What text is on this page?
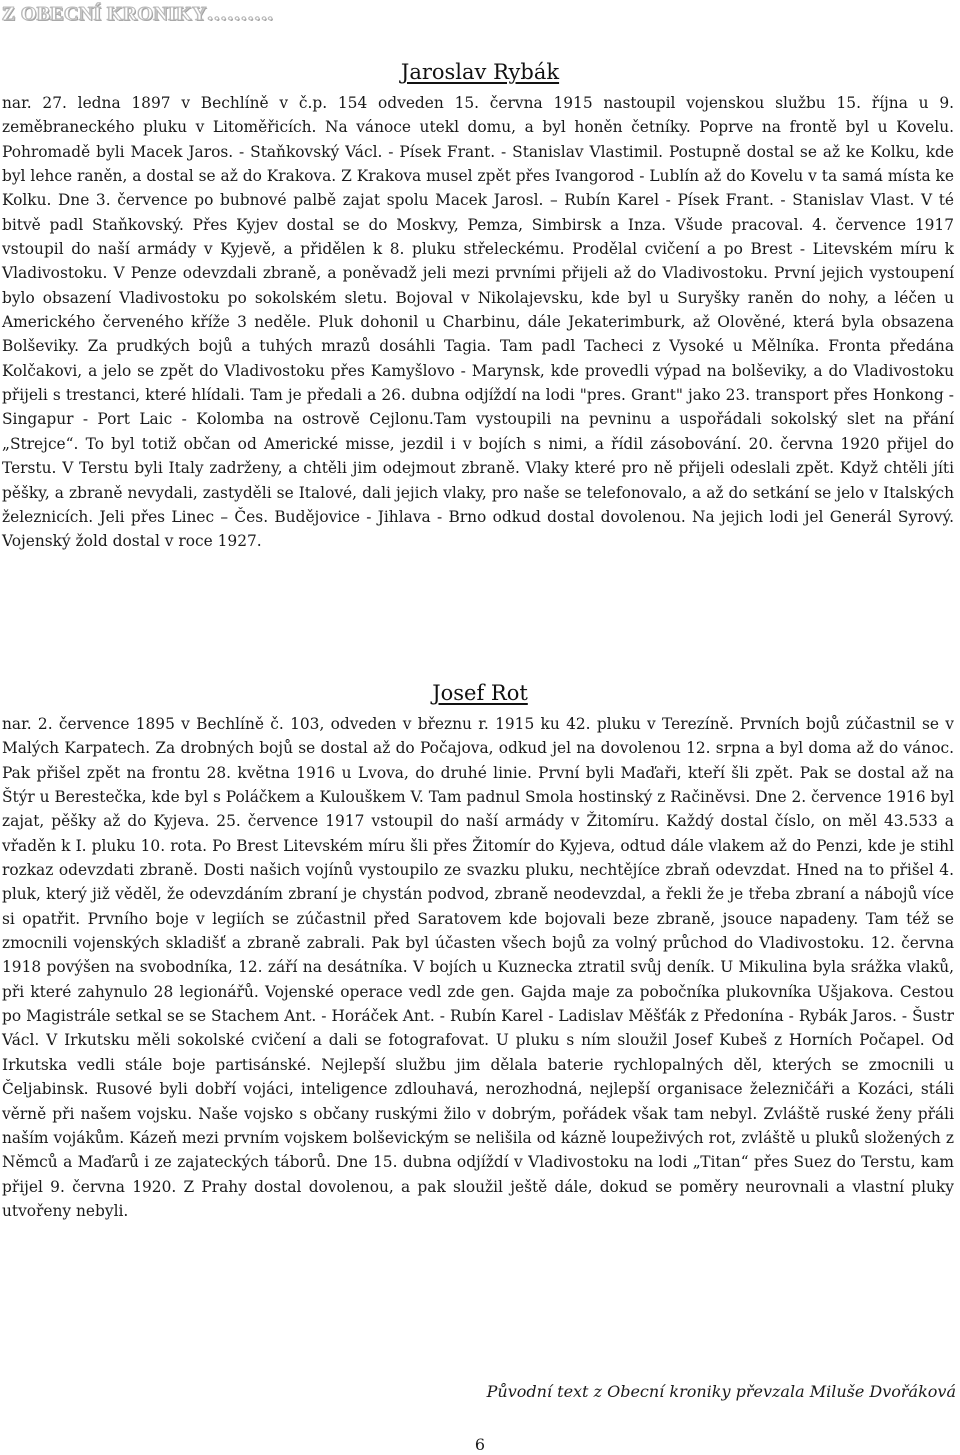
Z OBECNÍ KRONIKY……….
Jaroslav Rybák

nar. 27. ledna 1897 v Bechlíně v č.p. 154 odveden 15. června 1915 nastoupil vojenskou službu 15. října u 9. zeměbraneckého pluku v Litoměřicích. Na vánoce utekl domu, a byl honěn četníky. Poprve na frontě byl u Kovelu. Pohromadě byli Macek Jaros. - Staňkovský Václ. - Písek Frant. - Stanislav Vlastimil. Postupně dostal se až ke Kolku, kde byl lehce raněn, a dostal se až do Krakova. Z Krakova musel zpět přes Ivangorod - Lublín až do Kovelu v ta samá místa ke Kolku. Dne 3. července po bubnové palbě zajat spolu Macek Jarosl. – Rubín Karel - Písek Frant. - Stanislav Vlast. V té bitvě padl Staňkovský. Přes Kyjev dostal se do Moskvy, Pemza, Simbirsk a Inza. Všude pracoval. 4. července 1917 vstoupil do naší armády v Kyjevě, a přidělen k 8. pluku střeleckému. Prodělal cvičení a po Brest - Litevském míru k Vladivostoku. V Penze odevzdali zbraně, a poněvadž jeli mezi prvními přijeli až do Vladivostoku. První jejich vystoupení bylo obsazení Vladivostoku po sokolském sletu. Bojoval v Nikolajevsku, kde byl u Suryšky raněn do nohy, a léčen u Amerického červeného kříže 3 neděle. Pluk dohonil u Charbinu, dále Jekaterimburk, až Olověné, která byla obsazena Bolševiky. Za prudkých bojů a tuhých mrazů dosáhli Tagia. Tam padl Tacheci z Vysoké u Mělníka. Fronta předána Kolčakovi, a jelo se zpět do Vladivostoku přes Kamyšlovo - Marynsk, kde provedli výpad na bolševiky, a do Vladivostoku přijeli s trestanci, které hlídali. Tam je předali a 26. dubna odjíždí na lodi "pres. Grant" jako 23. transport přes Honkong - Singapur - Port Laic - Kolomba na ostrově Cejlonu.Tam vystoupili na pevninu a uspořádali sokolský slet na přání „Strejce“. To byl totiž občan od Americké misse, jezdil i v bojích s nimi, a řídil zásobování. 20. června 1920 přijel do Terstu. V Terstu byli Italy zadrženy, a chtěli jim odejmout zbraně. Vlaky které pro ně přijeli odeslali zpět. Když chtěli jíti pěšky, a zbraně nevydali, zastyděli se Italové, dali jejich vlaky, pro naše se telefonovalo, a až do setkání se jelo v Italských železnicích. Jeli přes Linec – Čes. Budějovice - Jihlava - Brno odkud dostal dovolenou. Na jejich lodi jel Generál Syrový. Vojenský žold dostal v roce 1927.

Josef Rot

nar. 2. července 1895 v Bechlíně č. 103, odveden v březnu r. 1915 ku 42. pluku v Terezíně. Prvních bojů zúčastnil se v Malých Karpatech. Za drobných bojů se dostal až do Počajova, odkud jel na dovolenou 12. srpna a byl doma až do vánoc. Pak přišel zpět na frontu 28. května 1916 u Lvova, do druhé linie. První byli Maďaři, kteří šli zpět. Pak se dostal až na Štýr u Berestečka, kde byl s Poláčkem a Kulouškem V. Tam padnul Smola hostinský z Račiněvsi. Dne 2. července 1916 byl zajat, pěšky až do Kyjeva. 25. července 1917 vstoupil do naší armády v Žitomíru. Každý dostal číslo, on měl 43.533 a vřaděn k I. pluku 10. rota. Po Brest Litevském míru šli přes Žitomír do Kyjeva, odtud dále vlakem až do Penzi, kde je stihl rozkaz odevzdati zbraně. Dosti našich vojínů vystoupilo ze svazku pluku, nechtějíce zbraň odevzdat. Hned na to přišel 4. pluk, který již věděl, že odevzdáním zbraní je chystán podvod, zbraně neodevzdal, a řekli že je třeba zbraní a nábojů více si opatřit. Prvního boje v legiích se zúčastnil před Saratovem kde bojovali beze zbraně, jsouce napadeny. Tam též se zmocnili vojenských skladišť a zbraně zabrali. Pak byl účasten všech bojů za volný průchod do Vladivostoku. 12. června 1918 povýšen na svobodníka, 12. září na desátníka. V bojích u Kuznecka ztratil svůj deník. U Mikulina byla srážka vlaků, při které zahynulo 28 legionářů. Vojenské operace vedl zde gen. Gajda maje za pobočníka plukovníka Ušjakova. Cestou po Magistrále setkal se se Stachem Ant. - Horáček Ant. - Rubín Karel - Ladislav Měšťák z Předonína - Rybák Jaros. - Šustr Václ. V Irkutsku měli sokolské cvičení a dali se fotografovat. U pluku s ním sloužil Josef Kubeš z Horních Počapel. Od Irkutska vedli stále boje partisánské. Nejlepší službu jim dělala baterie rychlopalných děl, kterých se zmocnili u Čeljabinsk. Rusové byli dobří vojáci, inteligence zdlouhavá, nerozhodná, nejlepší organisace železničáři a Kozáci, stáli věrně při našem vojsku. Naše vojsko s občany ruskými žilo v dobrým, pořádek však tam nebyl. Zvláště ruské ženy přáli naším vojákům. Kázeň mezi prvním vojskem bolševickým se nelišila od kázně loupeživých rot, zvláště u pluků složených z Němců a Maďarů i ze zajateckých táborů. Dne 15. dubna odjíždí v Vladivostoku na lodi „Titan“ přes Suez do Terstu, kam přijel 9. června 1920. Z Prahy dostal dovolenou, a pak sloužil ještě dále, dokud se poměry neurovnali a vlastní pluky utvořeny nebyli.

Původní text z Obecní kroniky převzala Miluše Dvořáková
6
